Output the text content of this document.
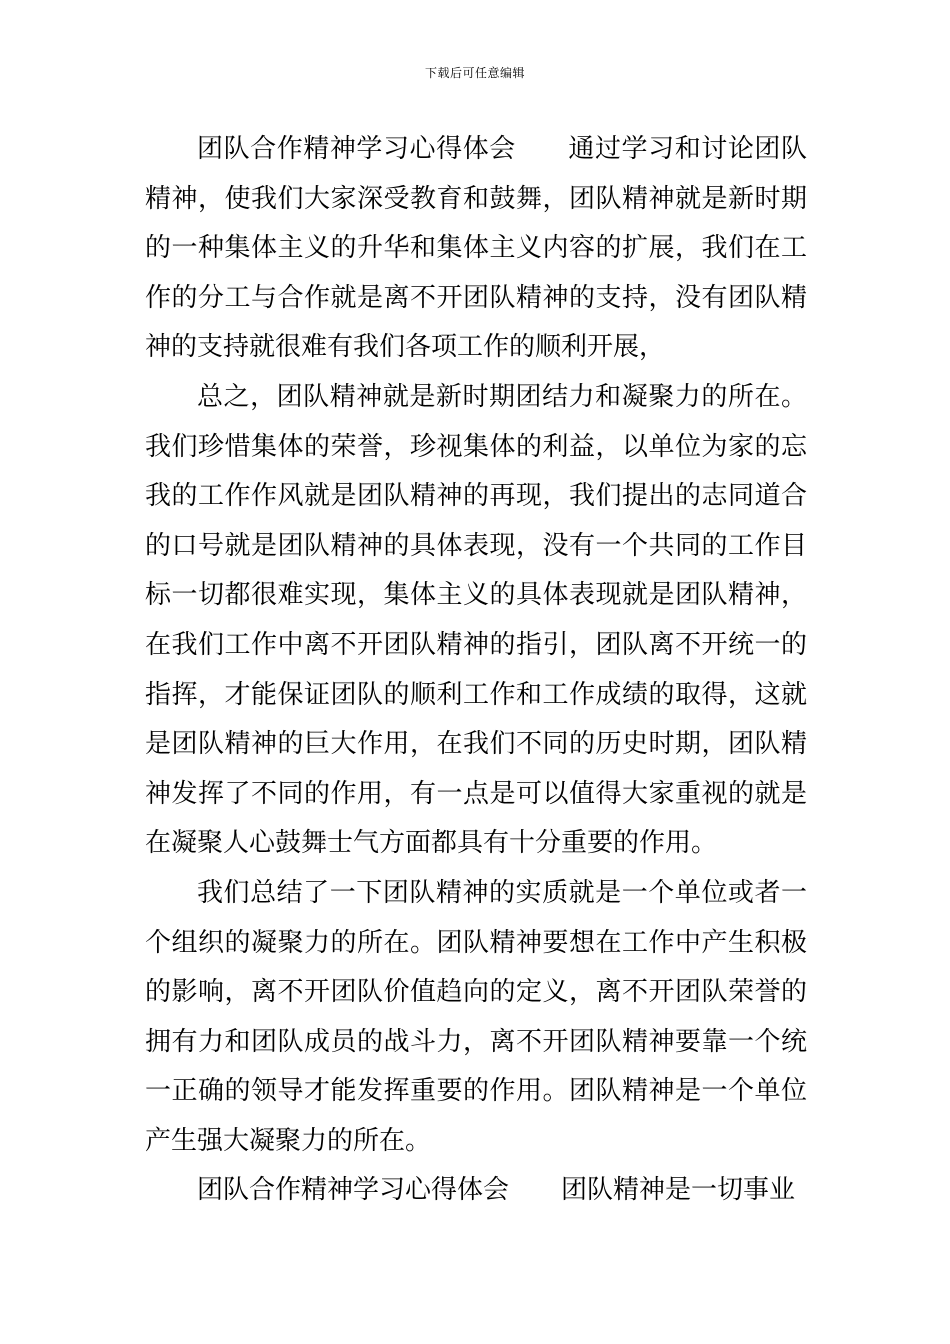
下载后可任意编辑

团队合作精神学习心得体会 通过学习和讨论团队精神，使我们大家深受教育和鼓舞，团队精神就是新时期的一种集体主义的升华和集体主义内容的扩展，我们在工作的分工与合作就是离不开团队精神的支持，没有团队精神的支持就很难有我们各项工作的顺利开展，

总之，团队精神就是新时期团结力和凝聚力的所在。我们珍惜集体的荣誉，珍视集体的利益，以单位为家的忘我的工作作风就是团队精神的再现，我们提出的志同道合的口号就是团队精神的具体表现，没有一个共同的工作目标一切都很难实现，集体主义的具体表现就是团队精神，在我们工作中离不开团队精神的指引，团队离不开统一的指挥，才能保证团队的顺利工作和工作成绩的取得，这就是团队精神的巨大作用，在我们不同的历史时期，团队精神发挥了不同的作用，有一点是可以值得大家重视的就是在凝聚人心鼓舞士气方面都具有十分重要的作用。

我们总结了一下团队精神的实质就是一个单位或者一个组织的凝聚力的所在。团队精神要想在工作中产生积极的影响，离不开团队价值趋向的定义，离不开团队荣誉的拥有力和团队成员的战斗力，离不开团队精神要靠一个统一正确的领导才能发挥重要的作用。团队精神是一个单位产生强大凝聚力的所在。

团队合作精神学习心得体会 团队精神是一切事业
